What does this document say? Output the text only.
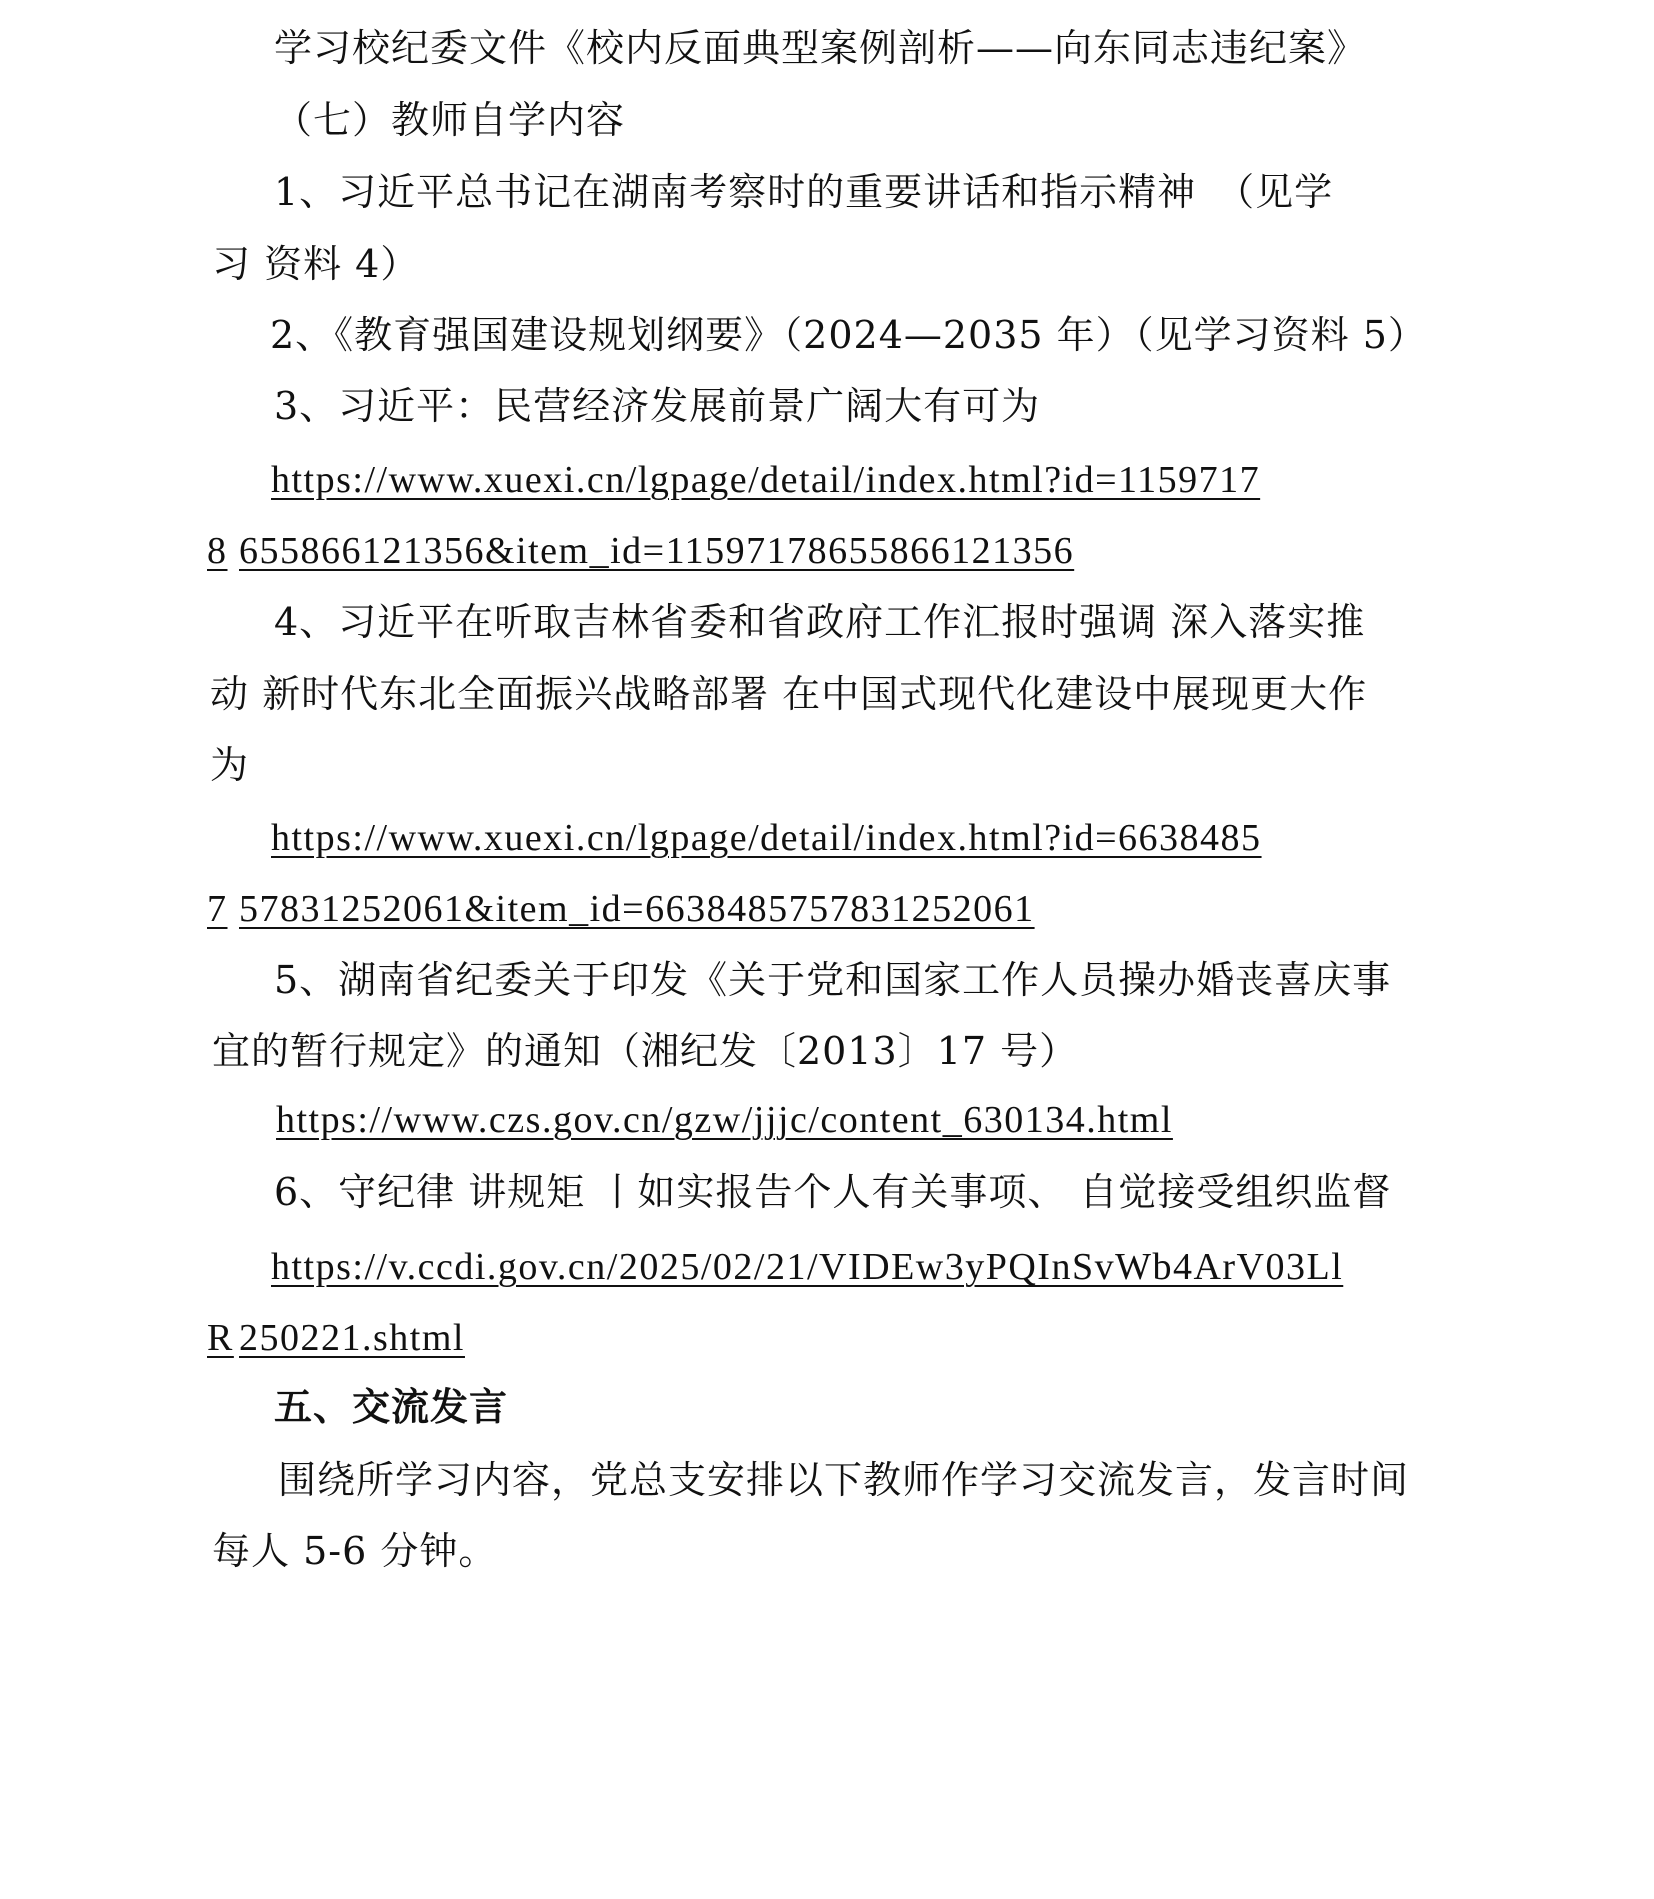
学习校纪委文件《校内反面典型案例剖析——向东同志违纪案》
（七）教师自学内容
1、习近平总书记在湖南考察时的重要讲话和指示精神　（见学
习 资料 4）
2、《教育强国建设规划纲要》（2024—2035 年）（见学习资料 5）
3、习近平：民营经济发展前景广阔大有可为
https://www.xuexi.cn/lgpage/detail/index.html?id=1159717
8 655866121356&item_id=11597178655866121356
4、习近平在听取吉林省委和省政府工作汇报时强调 深入落实推
动 新时代东北全面振兴战略部署 在中国式现代化建设中展现更大作
为
https://www.xuexi.cn/lgpage/detail/index.html?id=6638485
7 57831252061&item_id=6638485757831252061
5、湖南省纪委关于印发《关于党和国家工作人员操办婚丧喜庆事
宜的暂行规定》的通知（湘纪发〔2013〕17 号）
https://www.czs.gov.cn/gzw/jjjc/content_630134.html
6、守纪律 讲规矩 丨如实报告个人有关事项、 自觉接受组织监督
https://v.ccdi.gov.cn/2025/02/21/VIDEw3yPQInSvWb4ArV03Ll
R 250221.shtml
五、交流发言
围绕所学习内容，党总支安排以下教师作学习交流发言，发言时间
每人 5-6 分钟。
